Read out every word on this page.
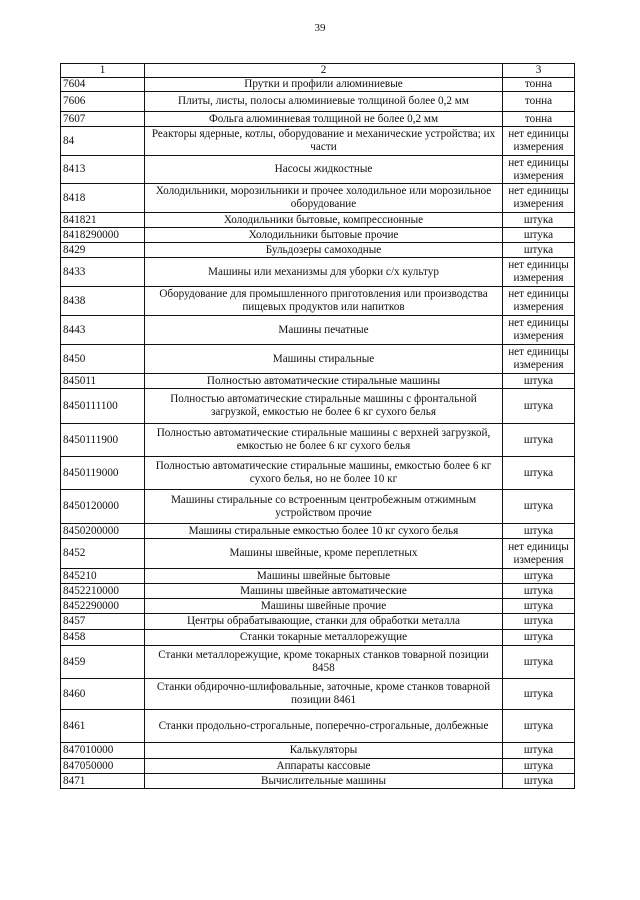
39
1	2	3
7604	Прутки и профили алюминиевые	тонна
7606	Плиты, листы, полосы алюминиевые толщиной более 0,2 мм	тонна
7607	Фольга алюминиевая толщиной не более 0,2 мм	тонна
84	Реакторы ядерные, котлы, оборудование и механические устройства; их части	нет единицы измерения
8413	Насосы жидкостные	нет единицы измерения
8418	Холодильники, морозильники и прочее холодильное или морозильное оборудование	нет единицы измерения
841821	Холодильники бытовые, компрессионные	штука
8418290000	Холодильники бытовые прочие	штука
8429	Бульдозеры самоходные	штука
8433	Машины или механизмы для уборки с/х культур	нет единицы измерения
8438	Оборудование для промышленного приготовления или производства пищевых продуктов или напитков	нет единицы измерения
8443	Машины печатные	нет единицы измерения
8450	Машины стиральные	нет единицы измерения
845011	Полностью автоматические стиральные машины	штука
8450111100	Полностью автоматические стиральные машины с фронтальной загрузкой, емкостью не более 6 кг сухого белья	штука
8450111900	Полностью автоматические стиральные машины с верхней загрузкой, емкостью не более 6 кг сухого белья	штука
8450119000	Полностью автоматические стиральные машины, емкостью более 6 кг сухого белья, но не более 10 кг	штука
8450120000	Машины стиральные со встроенным центробежным отжимным устройством прочие	штука
8450200000	Машины стиральные емкостью более 10 кг сухого белья	штука
8452	Машины швейные, кроме переплетных	нет единицы измерения
845210	Машины швейные бытовые	штука
8452210000	Машины швейные автоматические	штука
8452290000	Машины швейные прочие	штука
8457	Центры обрабатывающие, станки для обработки металла	штука
8458	Станки токарные металлорежущие	штука
8459	Станки металлорежущие, кроме токарных станков товарной позиции 8458	штука
8460	Станки обдирочно-шлифовальные, заточные, кроме станков товарной позиции 8461	штука
8461	Станки продольно-строгальные, поперечно-строгальные, долбежные	штука
847010000	Калькуляторы	штука
847050000	Аппараты кассовые	штука
8471	Вычислительные машины	штука
